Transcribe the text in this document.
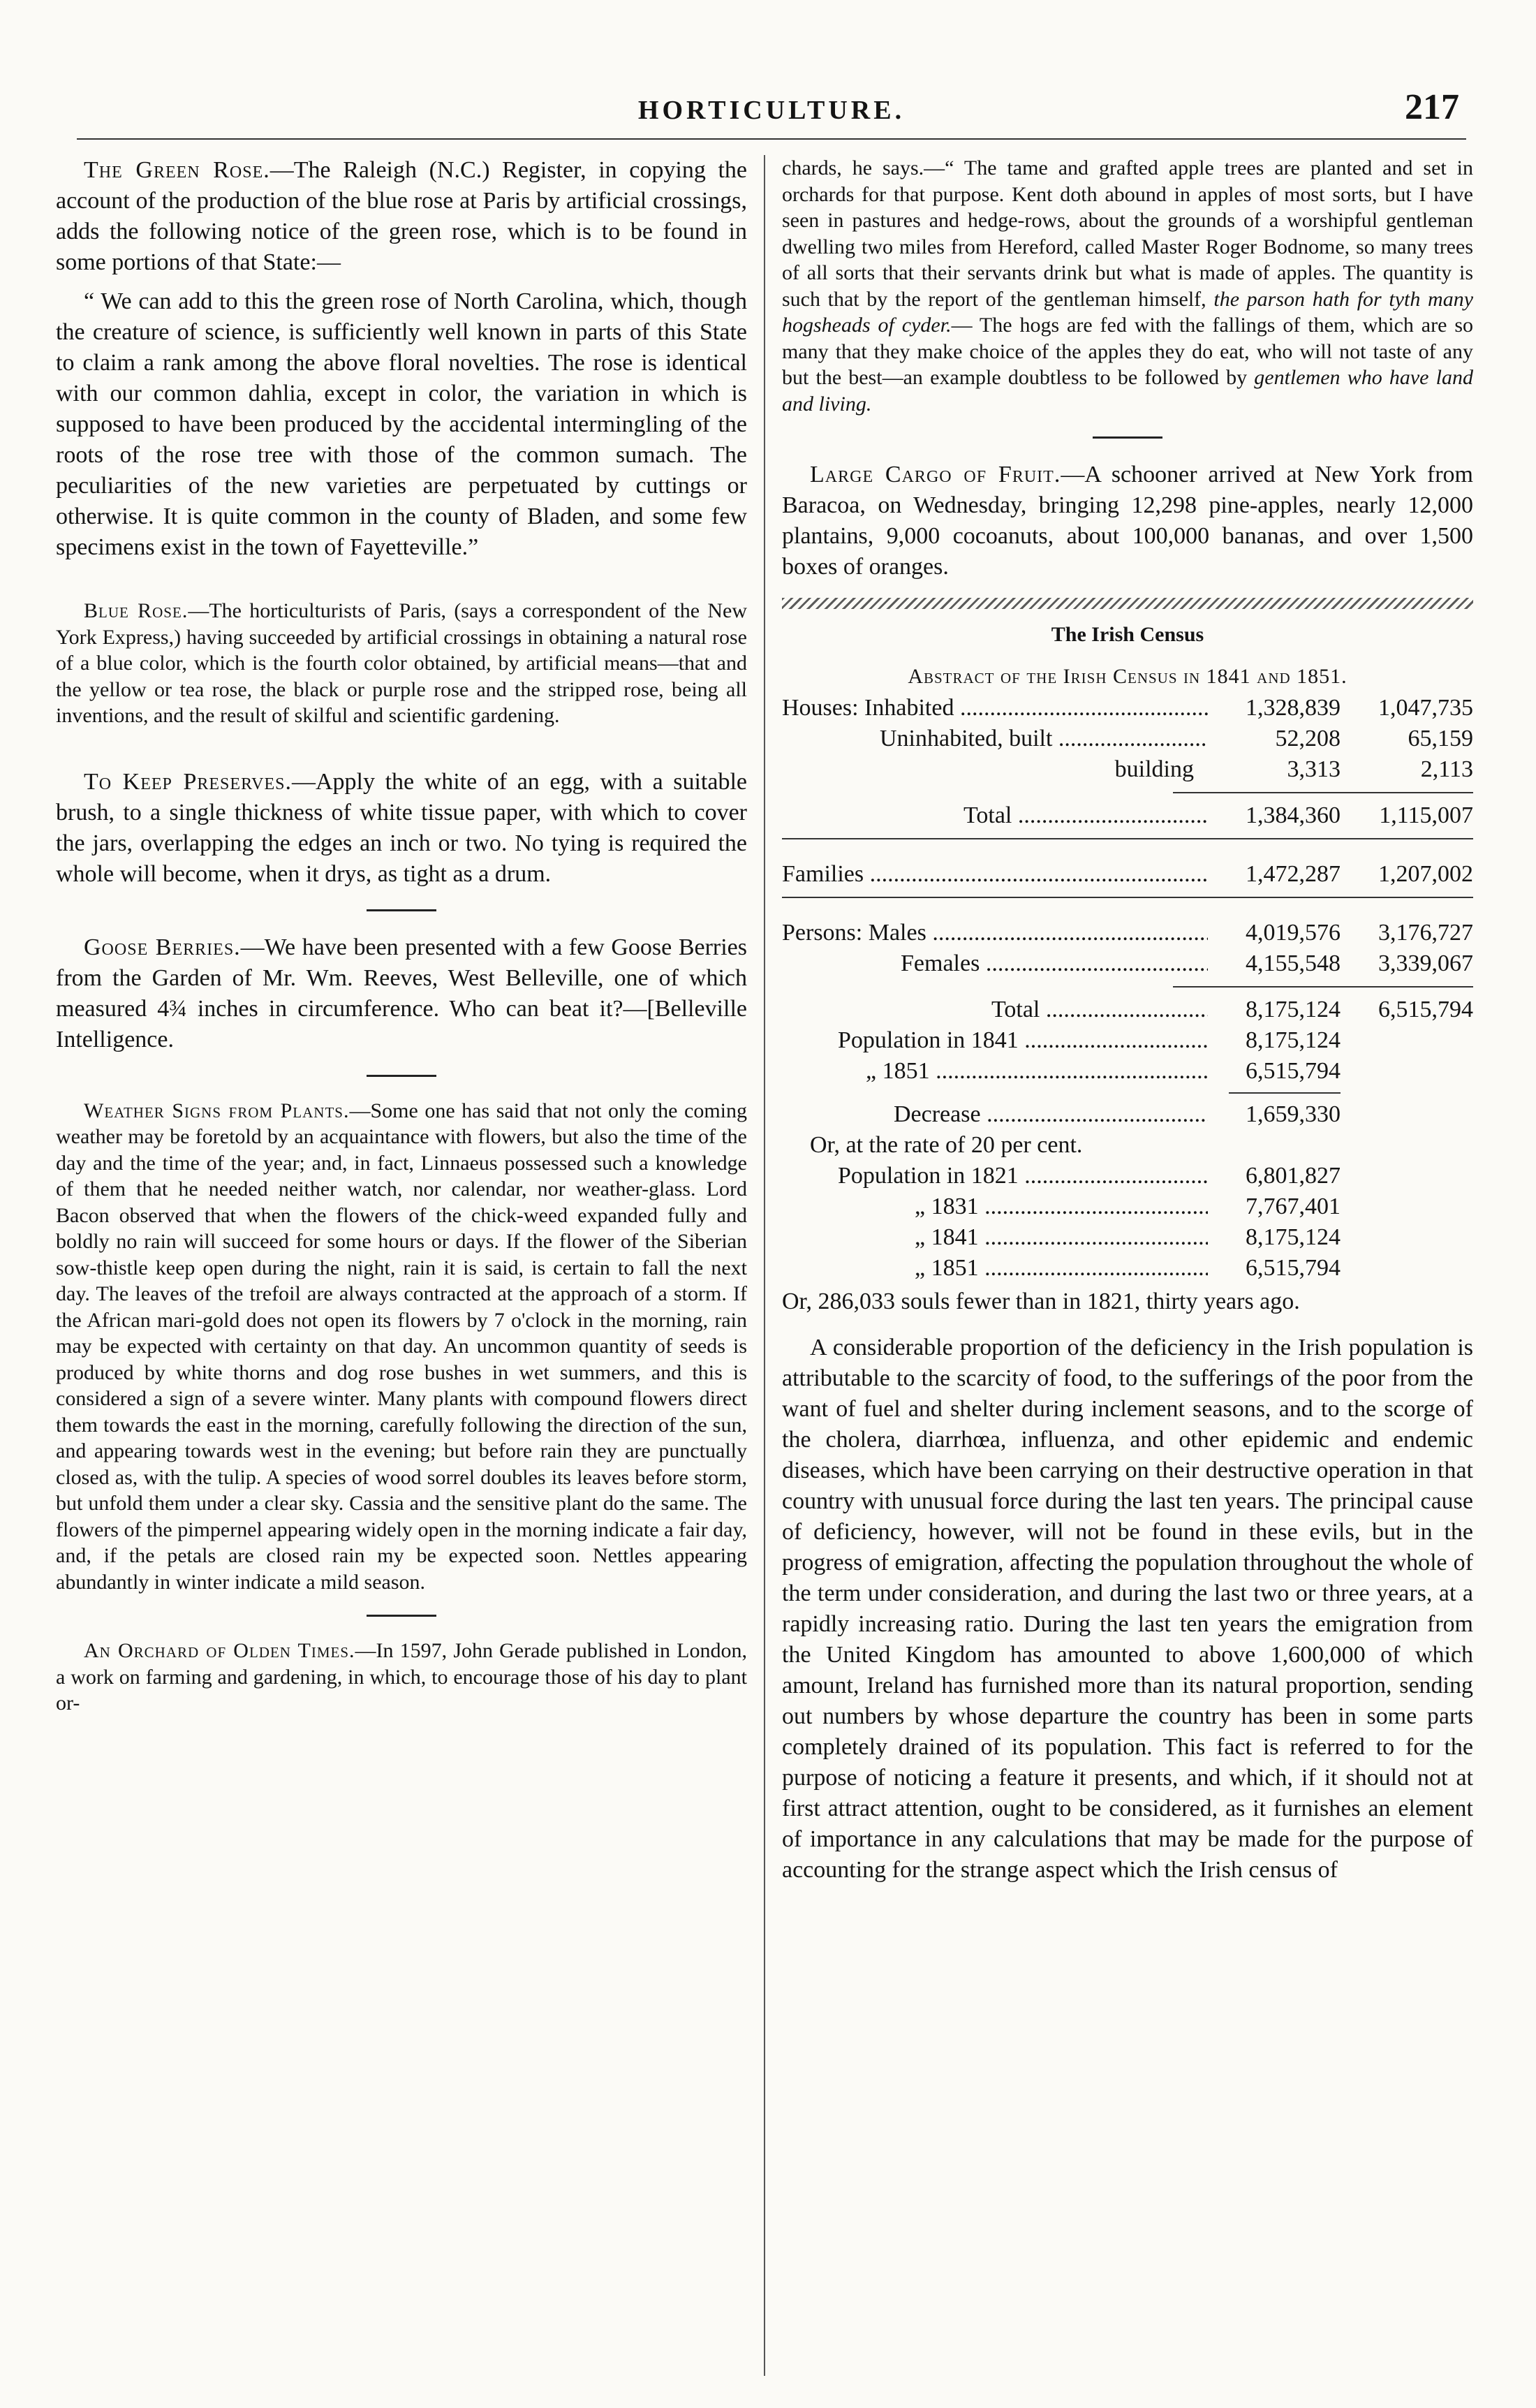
HORTICULTURE.	217

The Green Rose.—The Raleigh (N.C.) Register, in copying the account of the production of the blue rose at Paris by artificial crossings, adds the following notice of the green rose, which is to be found in some portions of that State:—

“ We can add to this the green rose of North Carolina, which, though the creature of science, is sufficiently well known in parts of this State to claim a rank among the above floral novelties. The rose is identical with our common dahlia, except in color, the variation in which is supposed to have been produced by the accidental intermingling of the roots of the rose tree with those of the common sumach. The peculiarities of the new varieties are perpetuated by cuttings or otherwise. It is quite common in the county of Bladen, and some few specimens exist in the town of Fayetteville.”

Blue Rose.—The horticulturists of Paris, (says a correspondent of the New York Express,) having succeeded by artificial crossings in obtaining a natural rose of a blue color, which is the fourth color obtained, by artificial means—that and the yellow or tea rose, the black or purple rose and the stripped rose, being all inventions, and the result of skilful and scientific gardening.

To Keep Preserves.—Apply the white of an egg, with a suitable brush, to a single thickness of white tissue paper, with which to cover the jars, overlapping the edges an inch or two. No tying is required the whole will become, when it drys, as tight as a drum.

Goose Berries.—We have been presented with a few Goose Berries from the Garden of Mr. Wm. Reeves, West Belleville, one of which measured 4¾ inches in circumference. Who can beat it?—[Belleville Intelligence.

Weather Signs from Plants.—Some one has said that not only the coming weather may be foretold by an acquaintance with flowers, but also the time of the day and the time of the year; and, in fact, Linnaeus possessed such a knowledge of them that he needed neither watch, nor calendar, nor weather-glass. Lord Bacon observed that when the flowers of the chick-weed expanded fully and boldly no rain will succeed for some hours or days. If the flower of the Siberian sow-thistle keep open during the night, rain it is said, is certain to fall the next day. The leaves of the trefoil are always contracted at the approach of a storm. If the African mari-gold does not open its flowers by 7 o'clock in the morning, rain may be expected with certainty on that day. An uncommon quantity of seeds is produced by white thorns and dog rose bushes in wet summers, and this is considered a sign of a severe winter. Many plants with compound flowers direct them towards the east in the morning, carefully following the direction of the sun, and appearing towards west in the evening; but before rain they are punctually closed as, with the tulip. A species of wood sorrel doubles its leaves before storm, but unfold them under a clear sky. Cassia and the sensitive plant do the same. The flowers of the pimpernel appearing widely open in the morning indicate a fair day, and, if the petals are closed rain my be expected soon. Nettles appearing abundantly in winter indicate a mild season.

An Orchard of Olden Times.—In 1597, John Gerade published in London, a work on farming and gardening, in which, to encourage those of his day to plant or-

chards, he says.—“ The tame and grafted apple trees are planted and set in orchards for that purpose. Kent doth abound in apples of most sorts, but I have seen in pastures and hedge-rows, about the grounds of a worshipful gentleman dwelling two miles from Hereford, called Master Roger Bodnome, so many trees of all sorts that their servants drink but what is made of apples. The quantity is such that by the report of the gentleman himself, the parson hath for tyth many hogsheads of cyder.— The hogs are fed with the fallings of them, which are so many that they make choice of the apples they do eat, who will not taste of any but the best—an example doubtless to be followed by gentlemen who have land and living.

Large Cargo of Fruit.—A schooner arrived at New York from Baracoa, on Wednesday, bringing 12,298 pine-apples, nearly 12,000 plantains, 9,000 cocoanuts, about 100,000 bananas, and over 1,500 boxes of oranges.

The Irish Census
Abstract of the Irish Census in 1841 and 1851.
Houses: Inhabited .....	1,328,839	1,047,735
Uninhabited, built .....	52,208	65,159
building	3,313	2,113
Total .....	1,384,360	1,115,007
Families .....	1,472,287	1,207,002
Persons: Males .....	4,019,576	3,176,727
Females .....	4,155,548	3,339,067
Total .....	8,175,124	6,515,794
Population in 1841 .....	8,175,124
„ 1851 .....	6,515,794
Decrease .....	1,659,330
Or, at the rate of 20 per cent.
Population in 1821 .....	6,801,827
„ 1831 .....	7,767,401
„ 1841 .....	8,175,124
„ 1851 .....	6,515,794

Or, 286,033 souls fewer than in 1821, thirty years ago.

A considerable proportion of the deficiency in the Irish population is attributable to the scarcity of food, to the sufferings of the poor from the want of fuel and shelter during inclement seasons, and to the scorge of the cholera, diarrhœa, influenza, and other epidemic and endemic diseases, which have been carrying on their destructive operation in that country with unusual force during the last ten years. The principal cause of deficiency, however, will not be found in these evils, but in the progress of emigration, affecting the population throughout the whole of the term under consideration, and during the last two or three years, at a rapidly increasing ratio. During the last ten years the emigration from the United Kingdom has amounted to above 1,600,000 of which amount, Ireland has furnished more than its natural proportion, sending out numbers by whose departure the country has been in some parts completely drained of its population. This fact is referred to for the purpose of noticing a feature it presents, and which, if it should not at first attract attention, ought to be considered, as it furnishes an element of importance in any calculations that may be made for the purpose of accounting for the strange aspect which the Irish census of
